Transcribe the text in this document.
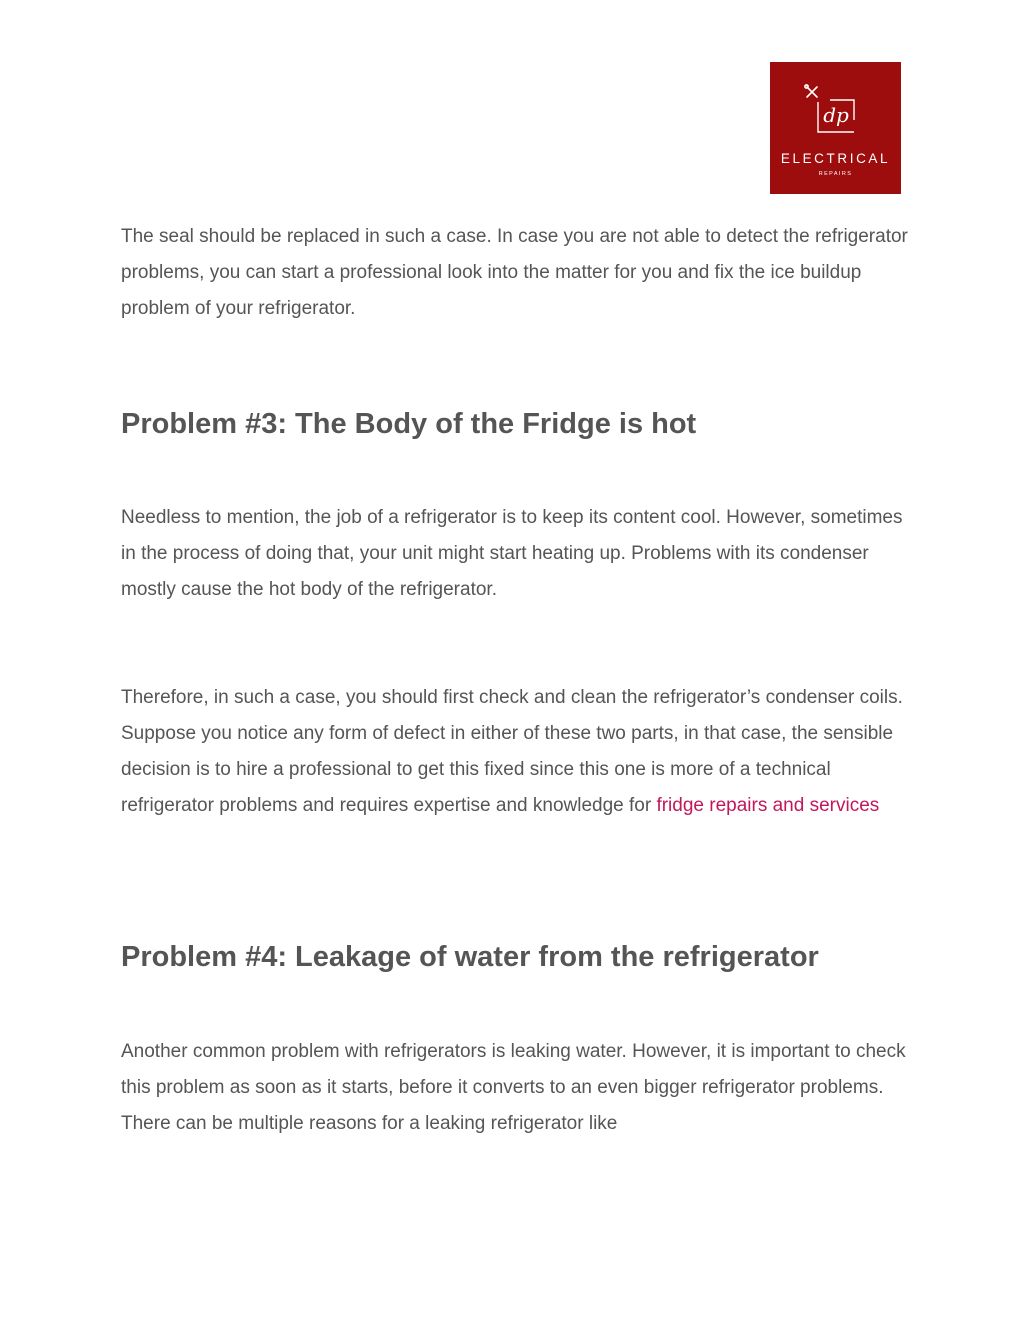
dp
ELECTRICAL
REPAIRS

The seal should be replaced in such a case. In case you are not able to detect the refrigerator problems, you can start a professional look into the matter for you and fix the ice buildup problem of your refrigerator.

Problem #3: The Body of the Fridge is hot

Needless to mention, the job of a refrigerator is to keep its content cool. However, sometimes in the process of doing that, your unit might start heating up. Problems with its condenser mostly cause the hot body of the refrigerator.

Therefore, in such a case, you should first check and clean the refrigerator’s condenser coils. Suppose you notice any form of defect in either of these two parts, in that case, the sensible decision is to hire a professional to get this fixed since this one is more of a technical refrigerator problems and requires expertise and knowledge for fridge repairs and services

Problem #4: Leakage of water from the refrigerator

Another common problem with refrigerators is leaking water. However, it is important to check this problem as soon as it starts, before it converts to an even bigger refrigerator problems. There can be multiple reasons for a leaking refrigerator like
